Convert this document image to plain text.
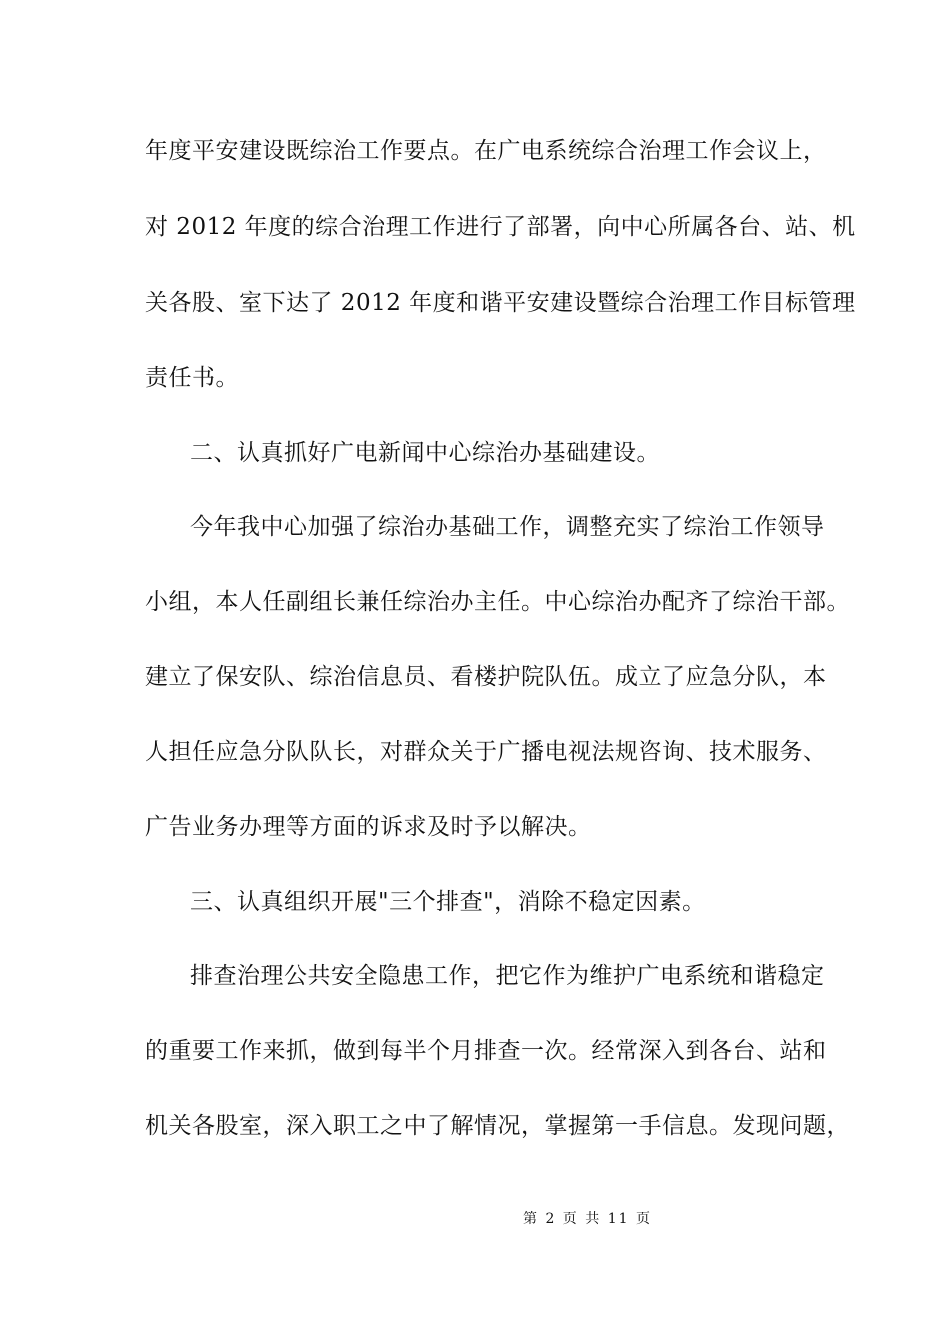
年度平安建设既综治工作要点。在广电系统综合治理工作会议上，
对 2012 年度的综合治理工作进行了部署，向中心所属各台、站、机
关各股、室下达了 2012 年度和谐平安建设暨综合治理工作目标管理
责任书。
二、认真抓好广电新闻中心综治办基础建设。
今年我中心加强了综治办基础工作，调整充实了综治工作领导
小组，本人任副组长兼任综治办主任。中心综治办配齐了综治干部。
建立了保安队、综治信息员、看楼护院队伍。成立了应急分队，本
人担任应急分队队长，对群众关于广播电视法规咨询、技术服务、
广告业务办理等方面的诉求及时予以解决。
三、认真组织开展"三个排查"，消除不稳定因素。
排查治理公共安全隐患工作，把它作为维护广电系统和谐稳定
的重要工作来抓，做到每半个月排查一次。经常深入到各台、站和
机关各股室，深入职工之中了解情况，掌握第一手信息。发现问题，
第 2 页 共 11 页
